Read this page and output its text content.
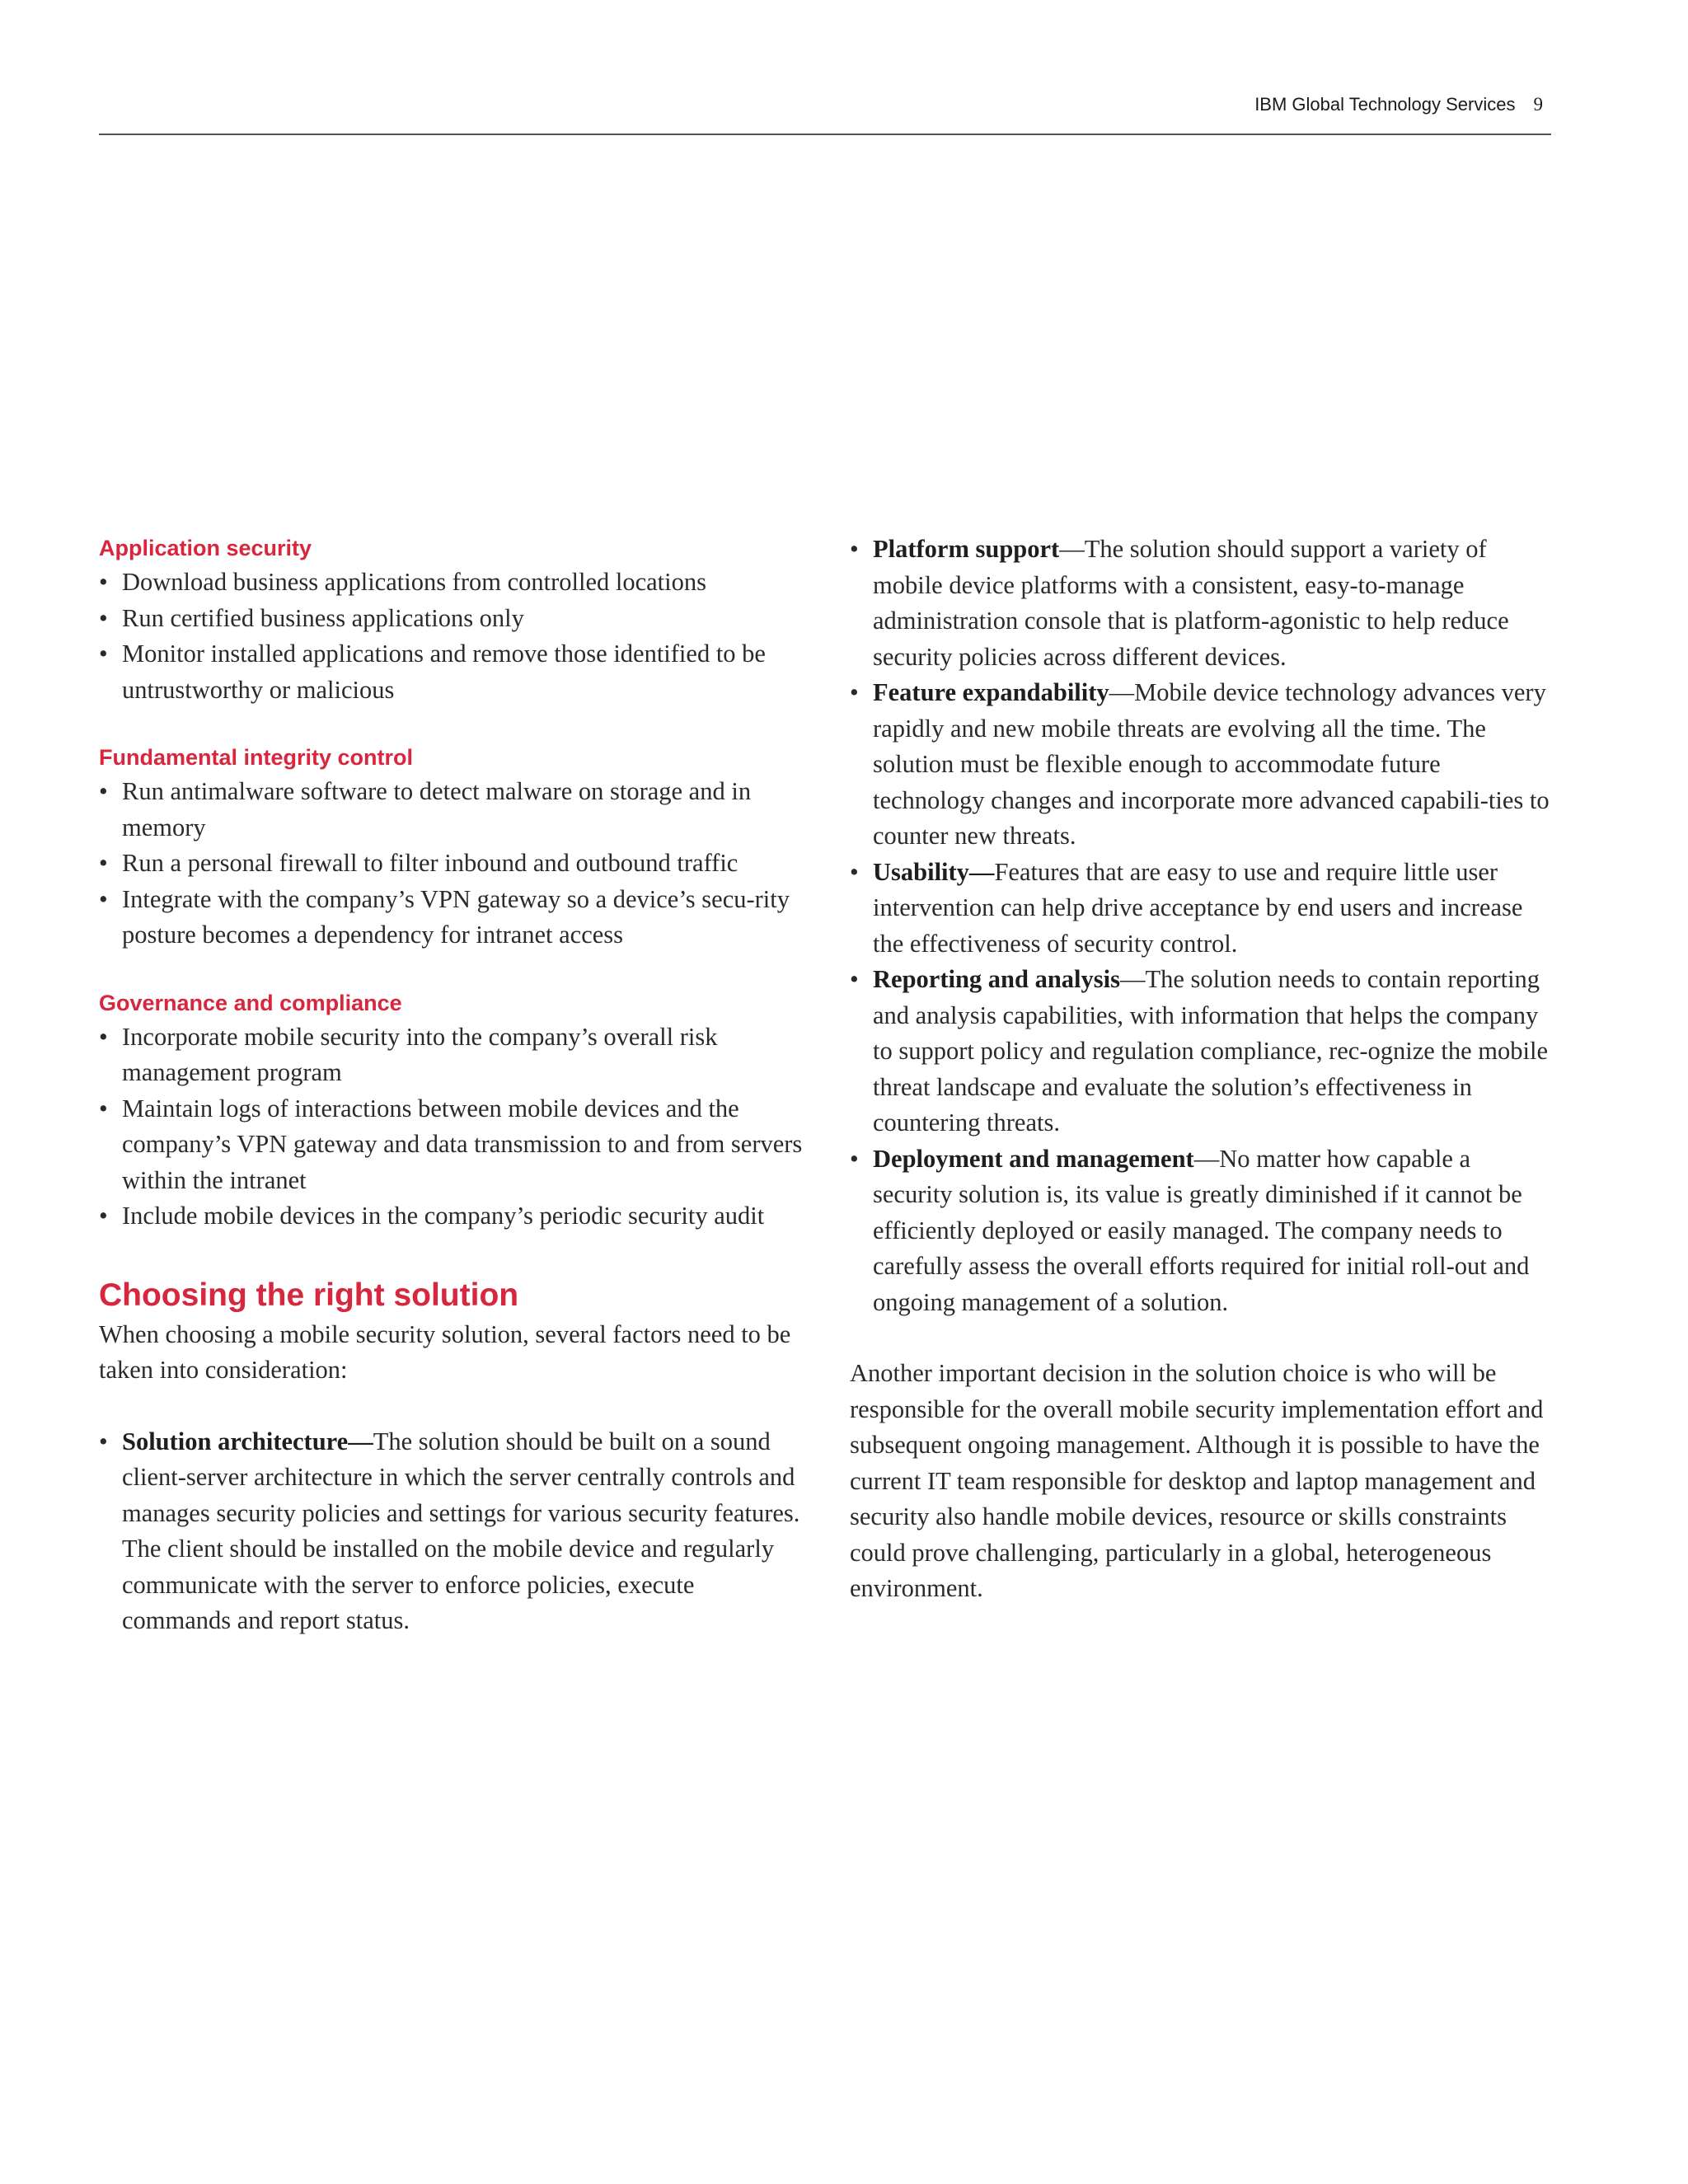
IBM Global Technology Services 9
Application security
• Download business applications from controlled locations
• Run certified business applications only
• Monitor installed applications and remove those identified to be untrustworthy or malicious
Fundamental integrity control
• Run antimalware software to detect malware on storage and in memory
• Run a personal firewall to filter inbound and outbound traffic
• Integrate with the company’s VPN gateway so a device’s secu-rity posture becomes a dependency for intranet access
Governance and compliance
• Incorporate mobile security into the company’s overall risk management program
• Maintain logs of interactions between mobile devices and the company’s VPN gateway and data transmission to and from servers within the intranet
• Include mobile devices in the company’s periodic security audit
Choosing the right solution

When choosing a mobile security solution, several factors need to be taken into consideration:

• Solution architecture—The solution should be built on a sound client-server architecture in which the server centrally controls and manages security policies and settings for various security features. The client should be installed on the mobile device and regularly communicate with the server to enforce policies, execute commands and report status.
• Platform support—The solution should support a variety of mobile device platforms with a consistent, easy-to-manage administration console that is platform-agonistic to help reduce security policies across different devices.
• Feature expandability—Mobile device technology advances very rapidly and new mobile threats are evolving all the time. The solution must be flexible enough to accommodate future technology changes and incorporate more advanced capabili-ties to counter new threats.
• Usability—Features that are easy to use and require little user intervention can help drive acceptance by end users and increase the effectiveness of security control.
• Reporting and analysis—The solution needs to contain reporting and analysis capabilities, with information that helps the company to support policy and regulation compliance, rec-ognize the mobile threat landscape and evaluate the solution’s effectiveness in countering threats.
• Deployment and management—No matter how capable a security solution is, its value is greatly diminished if it cannot be efficiently deployed or easily managed. The company needs to carefully assess the overall efforts required for initial roll-out and ongoing management of a solution.

Another important decision in the solution choice is who will be responsible for the overall mobile security implementation effort and subsequent ongoing management. Although it is possible to have the current IT team responsible for desktop and laptop management and security also handle mobile devices, resource or skills constraints could prove challenging, particularly in a global, heterogeneous environment.
